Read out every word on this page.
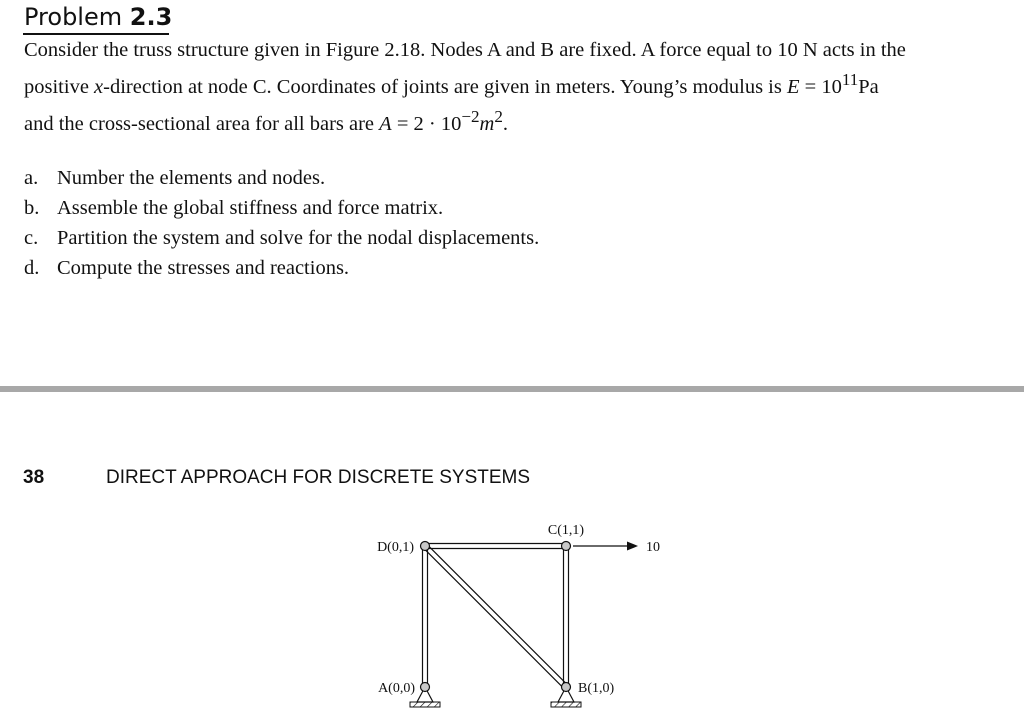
Problem 2.3
Consider the truss structure given in Figure 2.18. Nodes A and B are fixed. A force equal to 10 N acts in the
positive x-direction at node C. Coordinates of joints are given in meters. Young’s modulus is $E = 10^{11}Pa$
and the cross-sectional area for all bars are $A = 2 \cdot 10^{-2}m^2$.
a. Number the elements and nodes.
b. Assemble the global stiffness and force matrix.
c. Partition the system and solve for the nodal displacements.
d. Compute the stresses and reactions.
38	DIRECT APPROACH FOR DISCRETE SYSTEMS
10
A(0,0)	B(1,0)
C(1,1)
D(0,1)
